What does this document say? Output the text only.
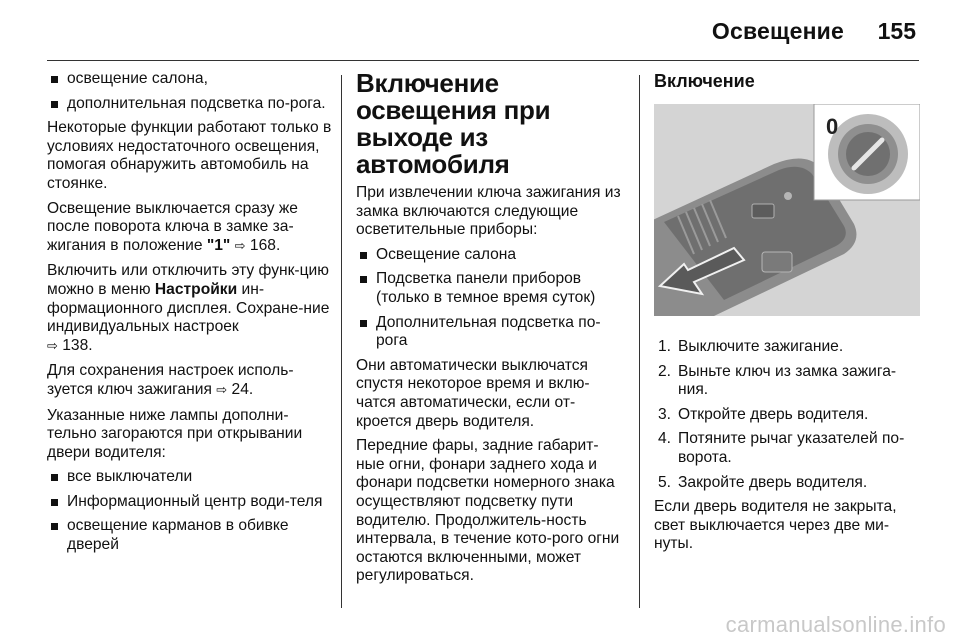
Освещение 155
освещение салона,
дополнительная подсветка по-рога.

Некоторые функции работают только в условиях недостаточного освещения, помогая обнаружить автомобиль на стоянке.

Освещение выключается сразу же после поворота ключа в замке за-жигания в положение "1" ⇨ 168.

Включить или отключить эту функ-цию можно в меню Настройки ин-формационного дисплея. Сохране-ние индивидуальных настроек
⇨ 138.

Для сохранения настроек исполь-зуется ключ зажигания ⇨ 24.

Указанные ниже лампы дополни-тельно загораются при открывании двери водителя:

все выключатели
Информационный центр води-теля
освещение карманов в обивке дверей
Включение освещения при выходе из автомобиля

При извлечении ключа зажигания из замка включаются следующие осветительные приборы:

Освещение салона
Подсветка панели приборов (только в темное время суток)
Дополнительная подсветка по-рога

Они автоматически выключатся спустя некоторое время и вклю-чатся автоматически, если от-кроется дверь водителя.

Передние фары, задние габарит-ные огни, фонари заднего хода и фонари подсветки номерного знака осуществляют подсветку пути водителю. Продолжитель-ность интервала, в течение кото-рого огни остаются включенными, может регулироваться.

Включение
0
1. Выключите зажигание.
2. Выньте ключ из замка зажига-ния.
3. Откройте дверь водителя.
4. Потяните рычаг указателей по-ворота.
5. Закройте дверь водителя.

Если дверь водителя не закрыта, свет выключается через две ми-нуты.

carmanualsonline.info
